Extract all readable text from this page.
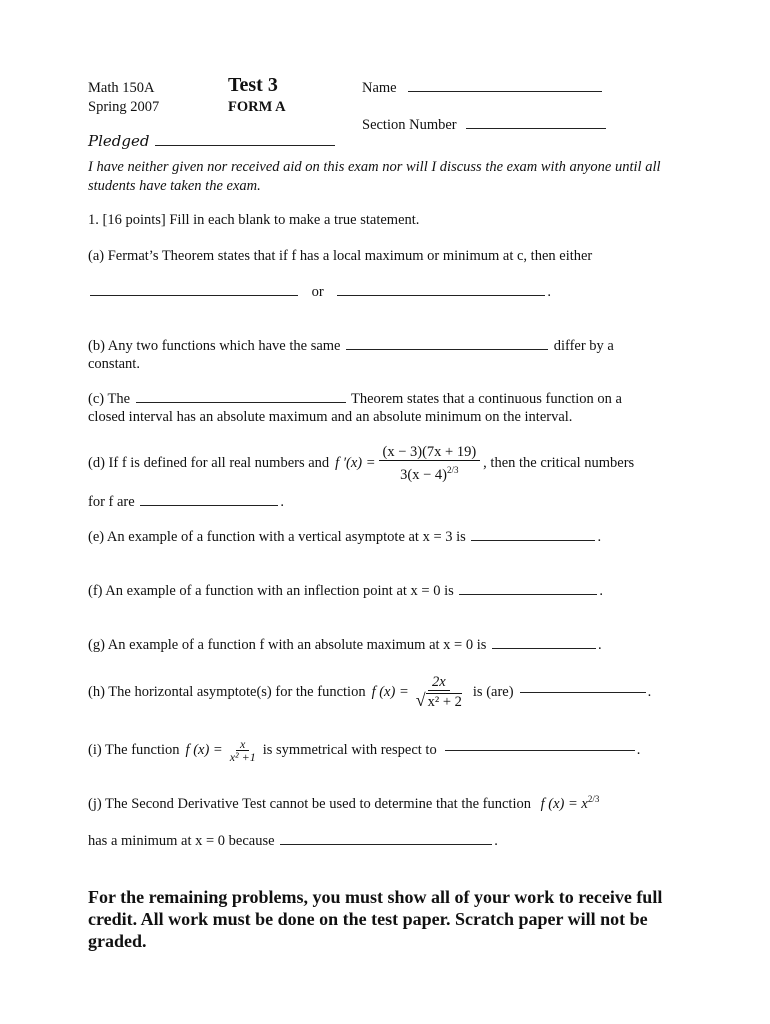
Math 150A
Spring 2007
Test 3
FORM A
Name
Section Number
Pledged
I have neither given nor received aid on this exam nor will I discuss the exam with anyone until all students have taken the exam.
1. [16 points] Fill in each blank to make a true statement.
(a) Fermat’s Theorem states that if f has a local maximum or minimum at c, then either
or	.
(b) Any two functions which have the same	differ by a
constant.
(c) The	Theorem states that a continuous function on a
closed interval has an absolute maximum and an absolute minimum on the interval.
(d) If f is defined for all real numbers and f $'(x) = \frac{(x - 3)(7x + 19)}{3(x - 4)^{2/3}}$ , then the critical numbers
for f are	.
(e) An example of a function with a vertical asymptote at x = 3 is	.
(f) An example of a function with an inflection point at x = 0 is	.
(g) An example of a function f with an absolute maximum at x = 0 is	.
(h) The horizontal asymptote(s) for the function f $(x) = \frac{2x}{\text{√ x² + 2}}$ is (are)	.
(i) The function f $(x) = \frac{x}{\text{x² +1}}$ is symmetrical with respect to	.
(j) The Second Derivative Test cannot be used to determine that the function f $(x) = x^{2/3}$
has a minimum at x = 0 because	.
For the remaining problems, you must show all of your work to receive full credit. All work must be done on the test paper. Scratch paper will not be graded.
